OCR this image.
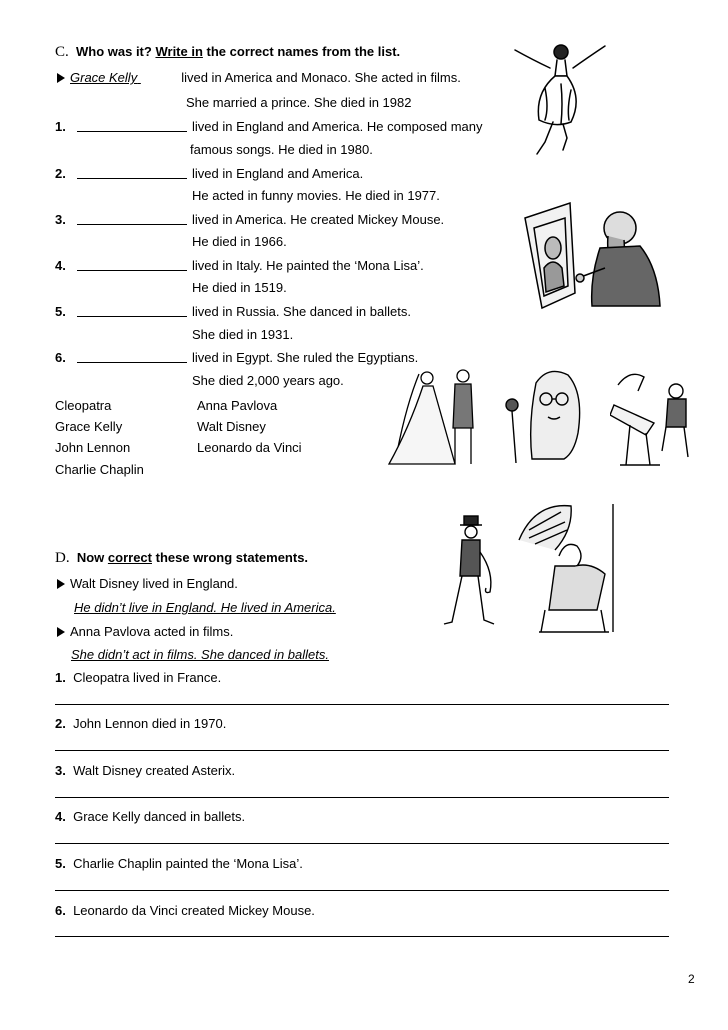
C. Who was it? Write in the correct names from the list.
Grace Kelly	lived in America and Monaco. She acted in films.
She married a prince. She died in 1982
1.	lived in England and America. He composed many
famous songs. He died in 1980.
2.	lived in England and America.
He acted in funny movies. He died in 1977.
3.	lived in America. He created Mickey Mouse.
He died in 1966.
4.	lived in Italy. He painted the ‘Mona Lisa’.
He died in 1519.
5.	lived in Russia. She danced in ballets.
She died in 1931.
6.	lived in Egypt. She ruled the Egyptians.
She died 2,000 years ago.
Cleopatra
Grace Kelly
John Lennon
Charlie Chaplin
Anna Pavlova
Walt Disney
Leonardo da Vinci
D. Now correct these wrong statements.
Walt Disney lived in England.
He didn’t live in England. He lived in America.
Anna Pavlova acted in films.
She didn’t act in films. She danced in ballets.
1. Cleopatra lived in France.
2. John Lennon died in 1970.
3. Walt Disney created Asterix.
4. Grace Kelly danced in ballets.
5. Charlie Chaplin painted the ‘Mona Lisa’.
6. Leonardo da Vinci created Mickey Mouse.
2
